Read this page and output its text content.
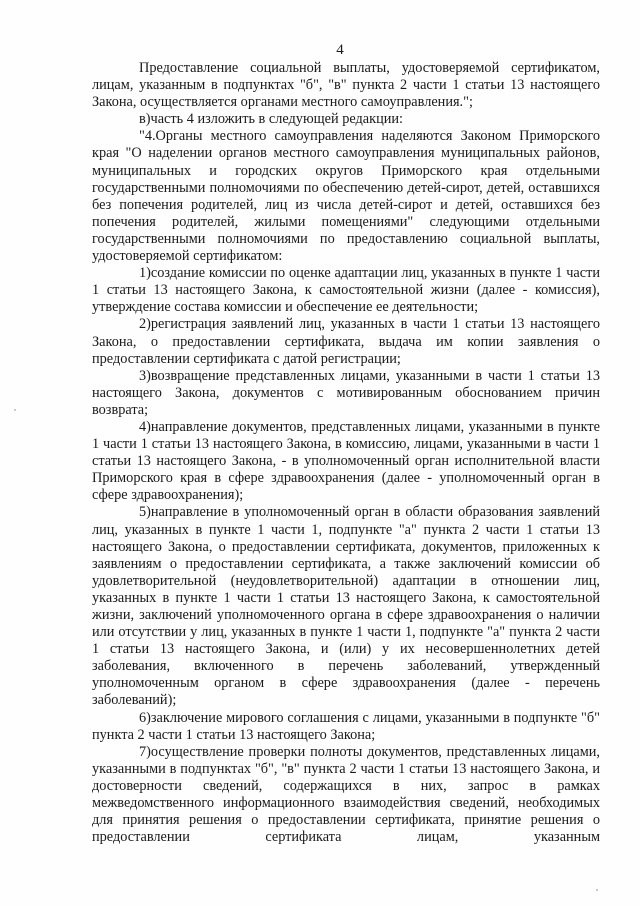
4

Предоставление социальной выплаты, удостоверяемой сертификатом, лицам, указанным в подпунктах "б", "в" пункта 2 части 1 статьи 13 настоящего Закона, осуществляется органами местного самоуправления.";

в)часть 4 изложить в следующей редакции:

"4.Органы местного самоуправления наделяются Законом Приморского края "О наделении органов местного самоуправления муниципальных районов, муниципальных и городских округов Приморского края отдельными государственными полномочиями по обеспечению детей-сирот, детей, оставшихся без попечения родителей, лиц из числа детей-сирот и детей, оставшихся без попечения родителей, жилыми помещениями" следующими отдельными государственными полномочиями по предоставлению социальной выплаты, удостоверяемой сертификатом:

1)создание комиссии по оценке адаптации лиц, указанных в пункте 1 части 1 статьи 13 настоящего Закона, к самостоятельной жизни (далее - комиссия), утверждение состава комиссии и обеспечение ее деятельности;

2)регистрация заявлений лиц, указанных в части 1 статьи 13 настоящего Закона, о предоставлении сертификата, выдача им копии заявления о предоставлении сертификата с датой регистрации;

3)возвращение представленных лицами, указанными в части 1 статьи 13 настоящего Закона, документов с мотивированным обоснованием причин возврата;

4)направление документов, представленных лицами, указанными в пункте 1 части 1 статьи 13 настоящего Закона, в комиссию, лицами, указанными в части 1 статьи 13 настоящего Закона, - в уполномоченный орган исполнительной власти Приморского края в сфере здравоохранения (далее - уполномоченный орган в сфере здравоохранения);

5)направление в уполномоченный орган в области образования заявлений лиц, указанных в пункте 1 части 1, подпункте "а" пункта 2 части 1 статьи 13 настоящего Закона, о предоставлении сертификата, документов, приложенных к заявлениям о предоставлении сертификата, а также заключений комиссии об удовлетворительной (неудовлетворительной) адаптации в отношении лиц, указанных в пункте 1 части 1 статьи 13 настоящего Закона, к самостоятельной жизни, заключений уполномоченного органа в сфере здравоохранения о наличии или отсутствии у лиц, указанных в пункте 1 части 1, подпункте "а" пункта 2 части 1 статьи 13 настоящего Закона, и (или) у их несовершеннолетних детей заболевания, включенного в перечень заболеваний, утвержденный уполномоченным органом в сфере здравоохранения (далее - перечень заболеваний);

6)заключение мирового соглашения с лицами, указанными в подпункте "б" пункта 2 части 1 статьи 13 настоящего Закона;

7)осуществление проверки полноты документов, представленных лицами, указанными в подпунктах "б", "в" пункта 2 части 1 статьи 13 настоящего Закона, и достоверности сведений, содержащихся в них, запрос в рамках межведомственного информационного взаимодействия сведений, необходимых для принятия решения о предоставлении сертификата, принятие решения о предоставлении сертификата лицам, указанным
